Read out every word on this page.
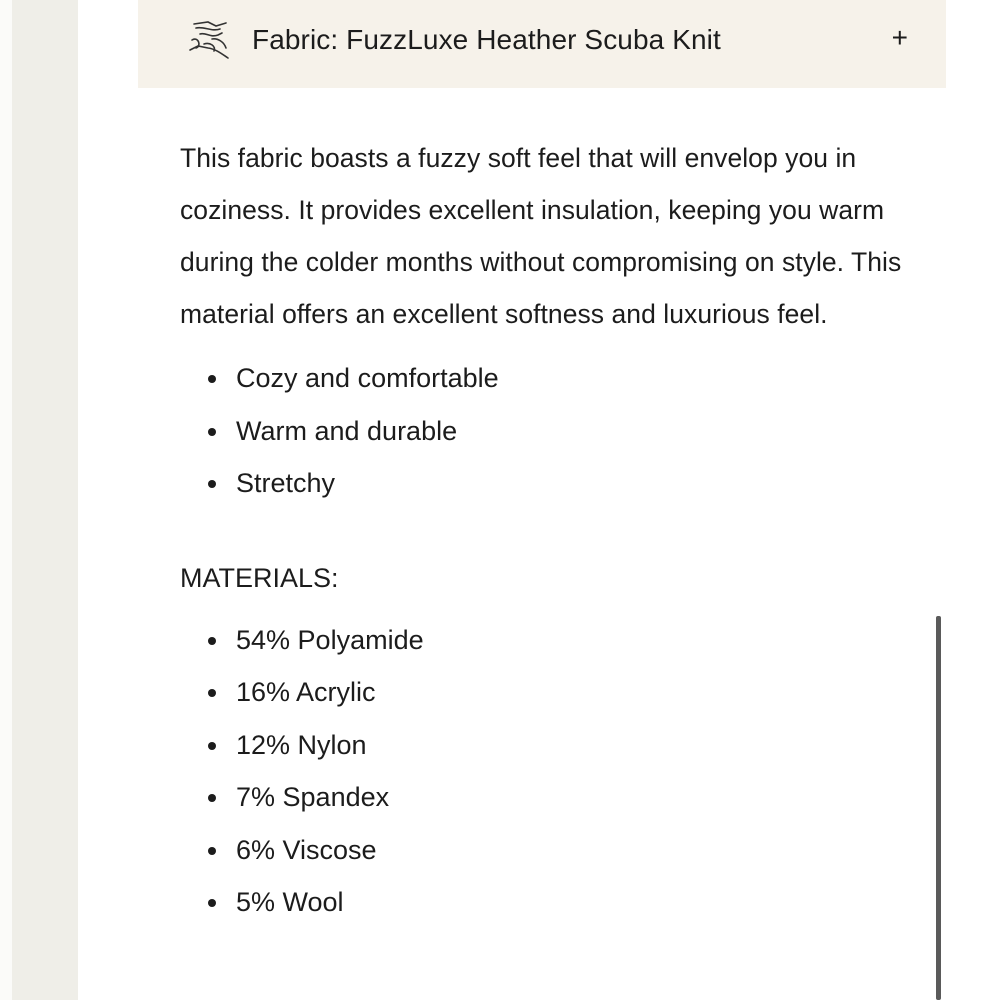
Fabric: FuzzLuxe Heather Scuba Knit	+

This fabric boasts a fuzzy soft feel that will envelop you in coziness. It provides excellent insulation, keeping you warm during the colder months without compromising on style. This material offers an excellent softness and luxurious feel.

Cozy and comfortable
Warm and durable
Stretchy
MATERIALS:
54% Polyamide
16% Acrylic
12% Nylon
7% Spandex
6% Viscose
5% Wool
